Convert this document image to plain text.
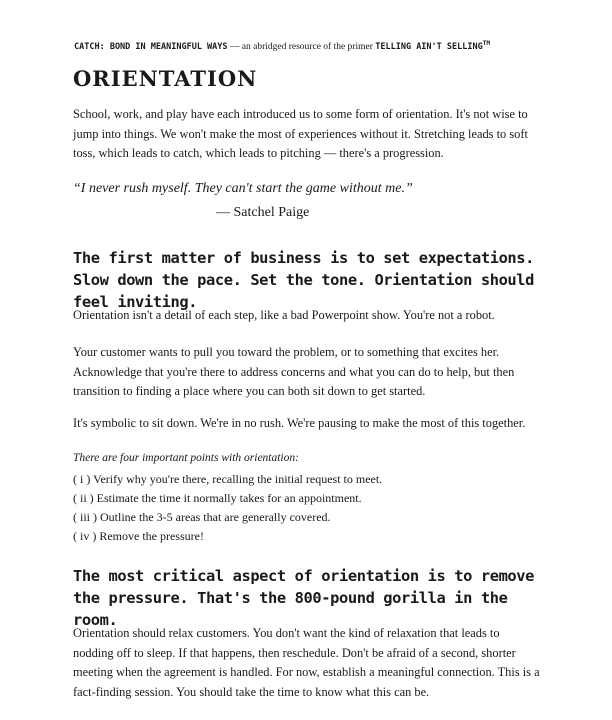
CATCH: BOND IN MEANINGFUL WAYS — an abridged resource of the primer TELLING AIN'T SELLING™
ORIENTATION

School, work, and play have each introduced us to some form of orientation. It's not wise to jump into things. We won't make the most of experiences without it. Stretching leads to soft toss, which leads to catch, which leads to pitching — there's a progression.

“I never rush myself. They can't start the game without me.”

— Satchel Paige

The first matter of business is to set expectations. Slow down the pace. Set the tone. Orientation should feel inviting.

Orientation isn't a detail of each step, like a bad Powerpoint show. You're not a robot.

Your customer wants to pull you toward the problem, or to something that excites her. Acknowledge that you're there to address concerns and what you can do to help, but then transition to finding a place where you can both sit down to get started.

It's symbolic to sit down. We're in no rush. We're pausing to make the most of this together.

There are four important points with orientation:

( i ) Verify why you're there, recalling the initial request to meet.
( ii ) Estimate the time it normally takes for an appointment.
( iii ) Outline the 3-5 areas that are generally covered.
( iv ) Remove the pressure!

The most critical aspect of orientation is to remove the pressure. That's the 800-pound gorilla in the room.

Orientation should relax customers. You don't want the kind of relaxation that leads to nodding off to sleep. If that happens, then reschedule. Don't be afraid of a second, shorter meeting when the agreement is handled. For now, establish a meaningful connection. This is a fact-finding session. You should take the time to know what this can be.
